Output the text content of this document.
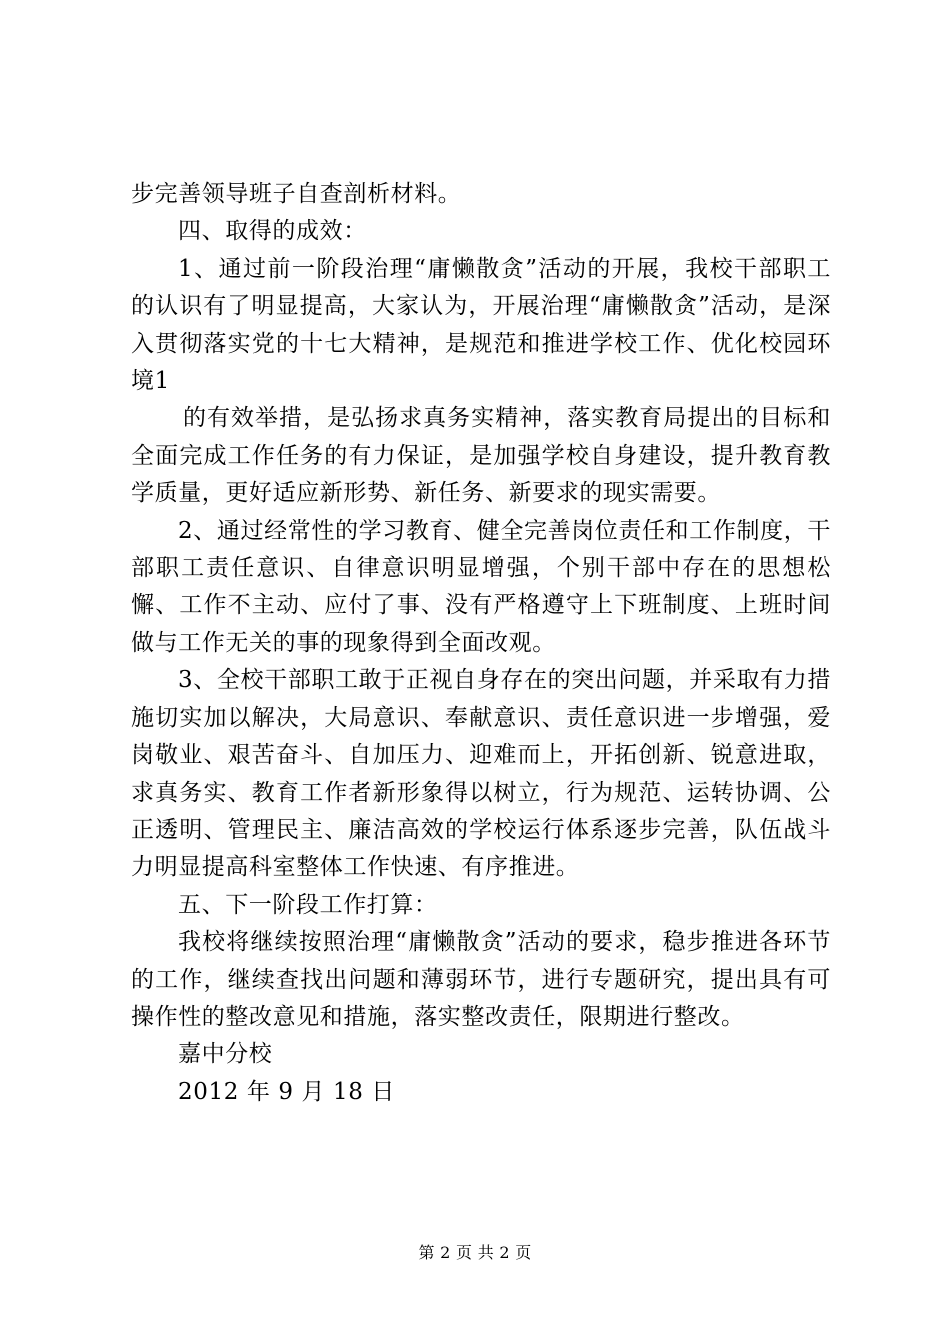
步完善领导班子自查剖析材料。

四、取得的成效：

1、通过前一阶段治理“庸懒散贪”活动的开展，我校干部职工的认识有了明显提高，大家认为，开展治理“庸懒散贪”活动，是深入贯彻落实党的十七大精神，是规范和推进学校工作、优化校园环境1

的有效举措，是弘扬求真务实精神，落实教育局提出的目标和全面完成工作任务的有力保证，是加强学校自身建设，提升教育教学质量，更好适应新形势、新任务、新要求的现实需要。

2、通过经常性的学习教育、健全完善岗位责任和工作制度，干部职工责任意识、自律意识明显增强，个别干部中存在的思想松懈、工作不主动、应付了事、没有严格遵守上下班制度、上班时间做与工作无关的事的现象得到全面改观。

3、全校干部职工敢于正视自身存在的突出问题，并采取有力措施切实加以解决，大局意识、奉献意识、责任意识进一步增强，爱岗敬业、艰苦奋斗、自加压力、迎难而上，开拓创新、锐意进取，求真务实、教育工作者新形象得以树立，行为规范、运转协调、公正透明、管理民主、廉洁高效的学校运行体系逐步完善，队伍战斗力明显提高科室整体工作快速、有序推进。

五、下一阶段工作打算：

我校将继续按照治理“庸懒散贪”活动的要求，稳步推进各环节的工作，继续查找出问题和薄弱环节，进行专题研究，提出具有可操作性的整改意见和措施，落实整改责任，限期进行整改。

嘉中分校

2012 年 9 月 18 日

第 2 页 共 2 页
